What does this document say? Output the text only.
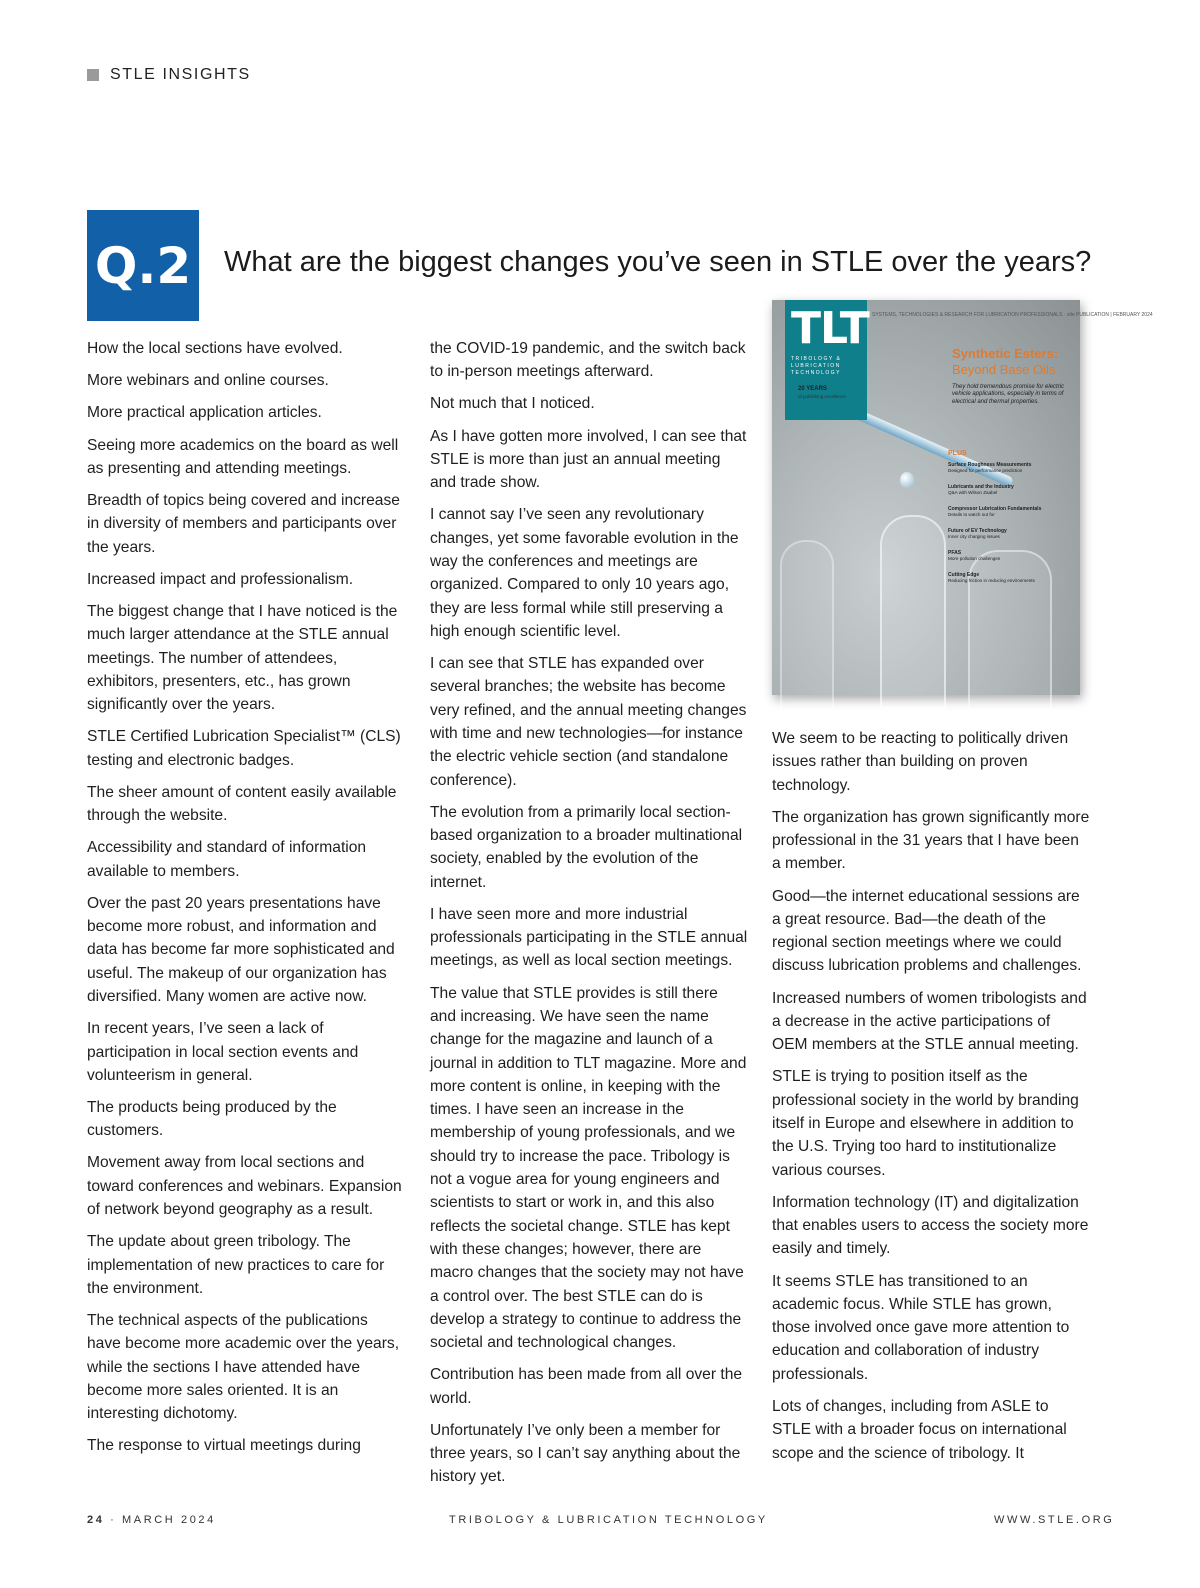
STLE INSIGHTS
Q.2 What are the biggest changes you’ve seen in STLE over the years?

How the local sections have evolved.

More webinars and online courses.

More practical application articles.

Seeing more academics on the board as well as presenting and attending meetings.

Breadth of topics being covered and increase in diversity of members and participants over the years.

Increased impact and professionalism.

The biggest change that I have noticed is the much larger attendance at the STLE annual meetings. The number of attendees, exhibitors, presenters, etc., has grown significantly over the years.

STLE Certified Lubrication Specialist™ (CLS) testing and electronic badges.

The sheer amount of content easily available through the website.

Accessibility and standard of information available to members.

Over the past 20 years presentations have become more robust, and information and data has become far more sophisticated and useful. The makeup of our organization has diversified. Many women are active now.

In recent years, I’ve seen a lack of participation in local section events and volunteerism in general.

The products being produced by the customers.

Movement away from local sections and toward conferences and webinars. Expansion of network beyond geography as a result.

The update about green tribology. The implementation of new practices to care for the environment.

The technical aspects of the publications have become more academic over the years, while the sections I have attended have become more sales oriented. It is an interesting dichotomy.

The response to virtual meetings during

the COVID-19 pandemic, and the switch back to in-person meetings afterward.

Not much that I noticed.

As I have gotten more involved, I can see that STLE is more than just an annual meeting and trade show.

I cannot say I’ve seen any revolutionary changes, yet some favorable evolution in the way the conferences and meetings are organized. Compared to only 10 years ago, they are less formal while still preserving a high enough scientific level.

I can see that STLE has expanded over several branches; the website has become very refined, and the annual meeting changes with time and new technologies—for instance the electric vehicle section (and standalone conference).

The evolution from a primarily local section-based organization to a broader multinational society, enabled by the evolution of the internet.

I have seen more and more industrial professionals participating in the STLE annual meetings, as well as local section meetings.

The value that STLE provides is still there and increasing. We have seen the name change for the magazine and launch of a journal in addition to TLT magazine. More and more content is online, in keeping with the times. I have seen an increase in the membership of young professionals, and we should try to increase the pace. Tribology is not a vogue area for young engineers and scientists to start or work in, and this also reflects the societal change. STLE has kept with these changes; however, there are macro changes that the society may not have a control over. The best STLE can do is develop a strategy to continue to address the societal and technological changes.

Contribution has been made from all over the world.

Unfortunately I’ve only been a member for three years, so I can’t say anything about the history yet.

SYSTEMS, TECHNOLOGIES & RESEARCH FOR LUBRICATION PROFESSIONALS · stle PUBLICATION | FEBRUARY 2024
TLT
TRIBOLOGY & LUBRICATION TECHNOLOGY
20 YEARS
of publishing excellence
Synthetic Esters:
Beyond Base Oils
They hold tremendous promise for electric vehicle applications, especially in terms of electrical and thermal properties.
PLUS
Surface Roughness Measurements
Designed for performance prediction
Lubricants and the Industry
Q&A with Wilson Zaabel
Compressor Lubrication Fundamentals
Details to watch out for
Future of EV Technology
Inner city charging issues
PFAS
More pollution challenges
Cutting Edge
Reducing friction in reducing environments

We seem to be reacting to politically driven issues rather than building on proven technology.

The organization has grown significantly more professional in the 31 years that I have been a member.

Good—the internet educational sessions are a great resource. Bad—the death of the regional section meetings where we could discuss lubrication problems and challenges.

Increased numbers of women tribologists and a decrease in the active participations of OEM members at the STLE annual meeting.

STLE is trying to position itself as the professional society in the world by branding itself in Europe and elsewhere in addition to the U.S. Trying too hard to institutionalize various courses.

Information technology (IT) and digitalization that enables users to access the society more easily and timely.

It seems STLE has transitioned to an academic focus. While STLE has grown, those involved once gave more attention to education and collaboration of industry professionals.

Lots of changes, including from ASLE to STLE with a broader focus on international scope and the science of tribology. It

24 · MARCH 2024	TRIBOLOGY & LUBRICATION TECHNOLOGY	WWW.STLE.ORG
